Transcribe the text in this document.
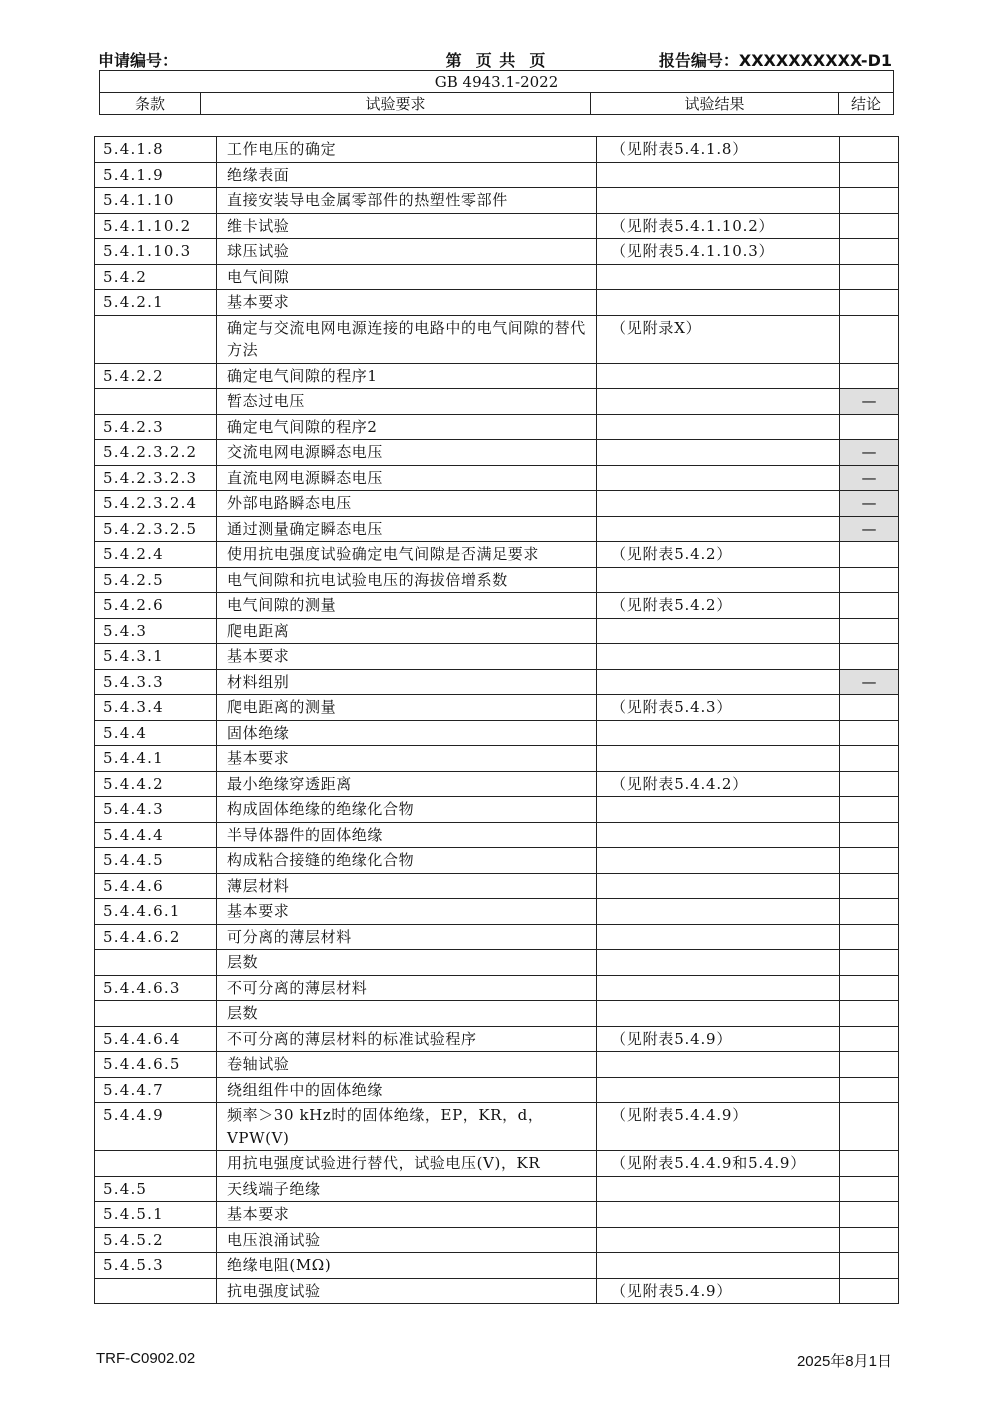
申请编号：	第  页 共  页	报告编号：XXXXXXXXXX-D1
GB 4943.1-2022
条款	试验要求	试验结果	结论
5.4.1.8	工作电压的确定	（见附表5.4.1.8）	
5.4.1.9	绝缘表面		
5.4.1.10	直接安装导电金属零部件的热塑性零部件		
5.4.1.10.2	维卡试验	（见附表5.4.1.10.2）	
5.4.1.10.3	球压试验	（见附表5.4.1.10.3）	
5.4.2	电气间隙		
5.4.2.1	基本要求		
	确定与交流电网电源连接的电路中的电气间隙的替代方法	（见附录X）	
5.4.2.2	确定电气间隙的程序1		
	暂态过电压		—
5.4.2.3	确定电气间隙的程序2		
5.4.2.3.2.2	交流电网电源瞬态电压		—
5.4.2.3.2.3	直流电网电源瞬态电压		—
5.4.2.3.2.4	外部电路瞬态电压		—
5.4.2.3.2.5	通过测量确定瞬态电压		—
5.4.2.4	使用抗电强度试验确定电气间隙是否满足要求	（见附表5.4.2）	
5.4.2.5	电气间隙和抗电试验电压的海拔倍增系数		
5.4.2.6	电气间隙的测量	（见附表5.4.2）	
5.4.3	爬电距离		
5.4.3.1	基本要求		
5.4.3.3	材料组别		—
5.4.3.4	爬电距离的测量	（见附表5.4.3）	
5.4.4	固体绝缘		
5.4.4.1	基本要求		
5.4.4.2	最小绝缘穿透距离	（见附表5.4.4.2）	
5.4.4.3	构成固体绝缘的绝缘化合物		
5.4.4.4	半导体器件的固体绝缘		
5.4.4.5	构成粘合接缝的绝缘化合物		
5.4.4.6	薄层材料		
5.4.4.6.1	基本要求		
5.4.4.6.2	可分离的薄层材料		
	层数		
5.4.4.6.3	不可分离的薄层材料		
	层数		
5.4.4.6.4	不可分离的薄层材料的标准试验程序	（见附表5.4.9）	
5.4.4.6.5	卷轴试验		
5.4.4.7	绕组组件中的固体绝缘		
5.4.4.9	频率＞30 kHz时的固体绝缘，EP，KR，d，VPW(V)	（见附表5.4.4.9）	
	用抗电强度试验进行替代，试验电压(V)，KR	（见附表5.4.4.9和5.4.9）	
5.4.5	天线端子绝缘		
5.4.5.1	基本要求		
5.4.5.2	电压浪涌试验		
5.4.5.3	绝缘电阻(MΩ)		
	抗电强度试验	（见附表5.4.9）	
TRF-C0902.02	2025年8月1日
